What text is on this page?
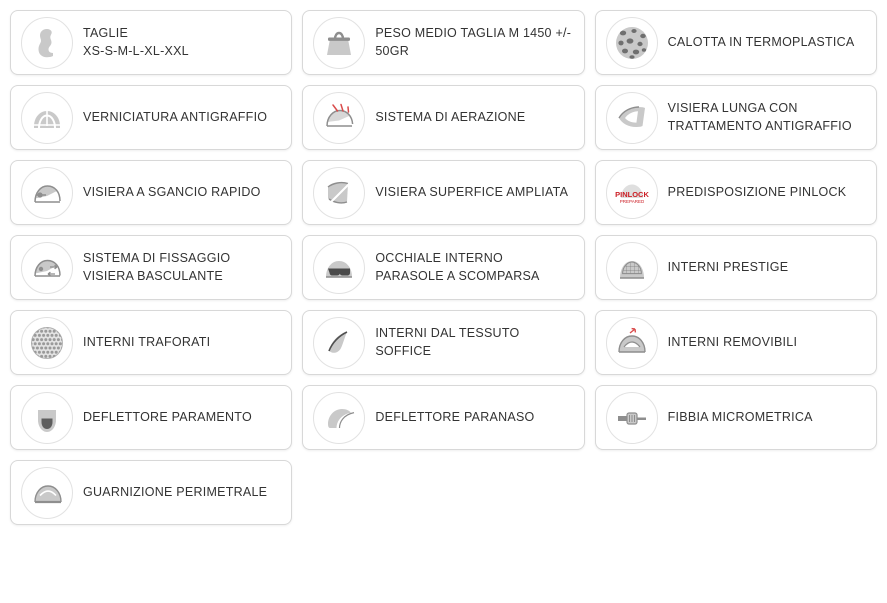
TAGLIE
XS-S-M-L-XL-XXL
PESO MEDIO TAGLIA M 1450 +/- 50GR
CALOTTA IN TERMOPLASTICA
VERNICIATURA ANTIGRAFFIO	SISTEMA DI AERAZIONE
VISIERA LUNGA CON TRATTAMENTO ANTIGRAFFIO
VISIERA A SGANCIO RAPIDO	VISIERA SUPERFICE AMPLIATA	PINLOCK
PREPARED
PREDISPOSIZIONE PINLOCK
SISTEMA DI FISSAGGIO VISIERA BASCULANTE
OCCHIALE INTERNO PARASOLE A SCOMPARSA
INTERNI PRESTIGE
INTERNI TRAFORATI
INTERNI DAL TESSUTO SOFFICE
INTERNI REMOVIBILI
DEFLETTORE PARAMENTO	DEFLETTORE PARANASO	FIBBIA MICROMETRICA
GUARNIZIONE PERIMETRALE
